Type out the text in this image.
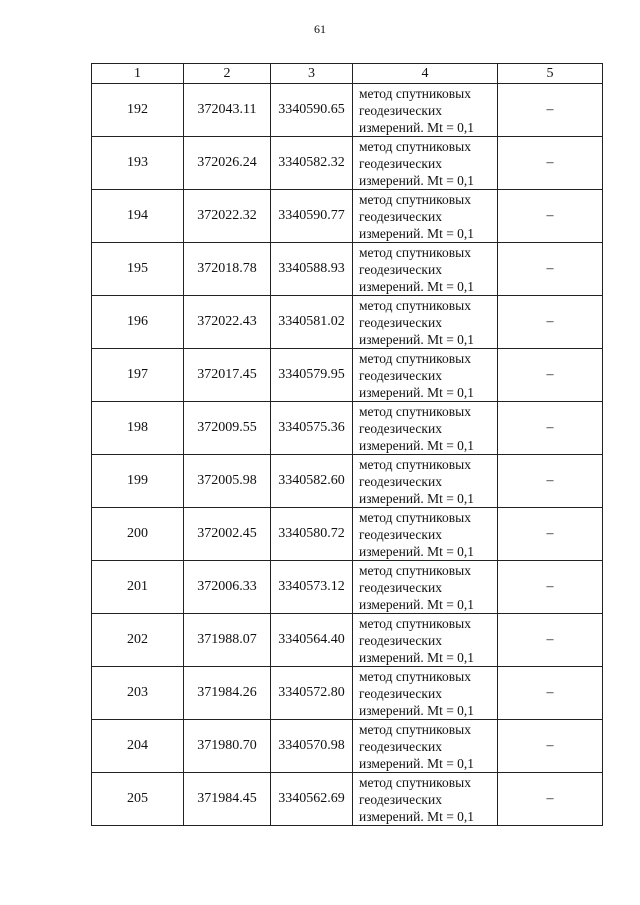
61
1	2	3	4	5
192	372043.11	3340590.65	метод спутниковых
геодезических
измерений. Mt = 0,1	–
193	372026.24	3340582.32	метод спутниковых
геодезических
измерений. Mt = 0,1	–
194	372022.32	3340590.77	метод спутниковых
геодезических
измерений. Mt = 0,1	–
195	372018.78	3340588.93	метод спутниковых
геодезических
измерений. Mt = 0,1	–
196	372022.43	3340581.02	метод спутниковых
геодезических
измерений. Mt = 0,1	–
197	372017.45	3340579.95	метод спутниковых
геодезических
измерений. Mt = 0,1	–
198	372009.55	3340575.36	метод спутниковых
геодезических
измерений. Mt = 0,1	–
199	372005.98	3340582.60	метод спутниковых
геодезических
измерений. Mt = 0,1	–
200	372002.45	3340580.72	метод спутниковых
геодезических
измерений. Mt = 0,1	–
201	372006.33	3340573.12	метод спутниковых
геодезических
измерений. Mt = 0,1	–
202	371988.07	3340564.40	метод спутниковых
геодезических
измерений. Mt = 0,1	–
203	371984.26	3340572.80	метод спутниковых
геодезических
измерений. Mt = 0,1	–
204	371980.70	3340570.98	метод спутниковых
геодезических
измерений. Mt = 0,1	–
205	371984.45	3340562.69	метод спутниковых
геодезических
измерений. Mt = 0,1	–
